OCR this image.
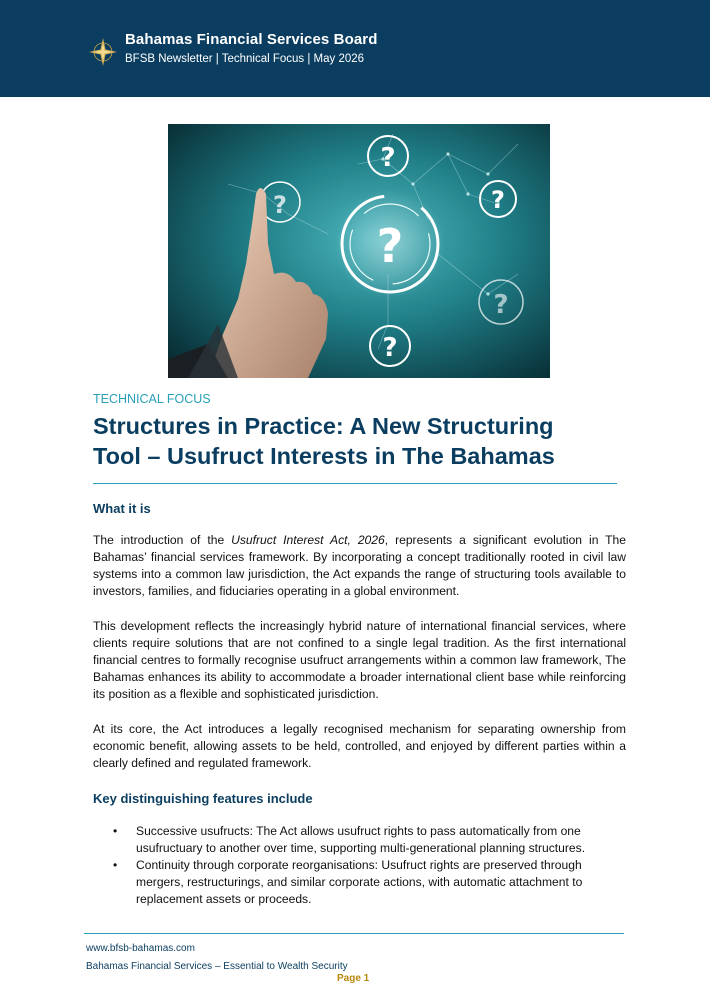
Bahamas Financial Services Board
BFSB Newsletter | Technical Focus | May 2026
?
?
?
?
?
?
TECHNICAL FOCUS
Structures in Practice: A New Structuring
Tool – Usufruct Interests in The Bahamas
What it is

The introduction of the Usufruct Interest Act, 2026, represents a significant evolution in The Bahamas’ financial services framework. By incorporating a concept traditionally rooted in civil law systems into a common law jurisdiction, the Act expands the range of structuring tools available to investors, families, and fiduciaries operating in a global environment.

This development reflects the increasingly hybrid nature of international financial services, where clients require solutions that are not confined to a single legal tradition. As the first international financial centres to formally recognise usufruct arrangements within a common law framework, The Bahamas enhances its ability to accommodate a broader international client base while reinforcing its position as a flexible and sophisticated jurisdiction.

At its core, the Act introduces a legally recognised mechanism for separating ownership from economic benefit, allowing assets to be held, controlled, and enjoyed by different parties within a clearly defined and regulated framework.

Key distinguishing features include
• Successive usufructs: The Act allows usufruct rights to pass automatically from one usufructuary to another over time, supporting multi-generational planning structures.
• Continuity through corporate reorganisations: Usufruct rights are preserved through mergers, restructurings, and similar corporate actions, with automatic attachment to replacement assets or proceeds.
www.bfsb-bahamas.com
Bahamas Financial Services – Essential to Wealth Security
Page 1
